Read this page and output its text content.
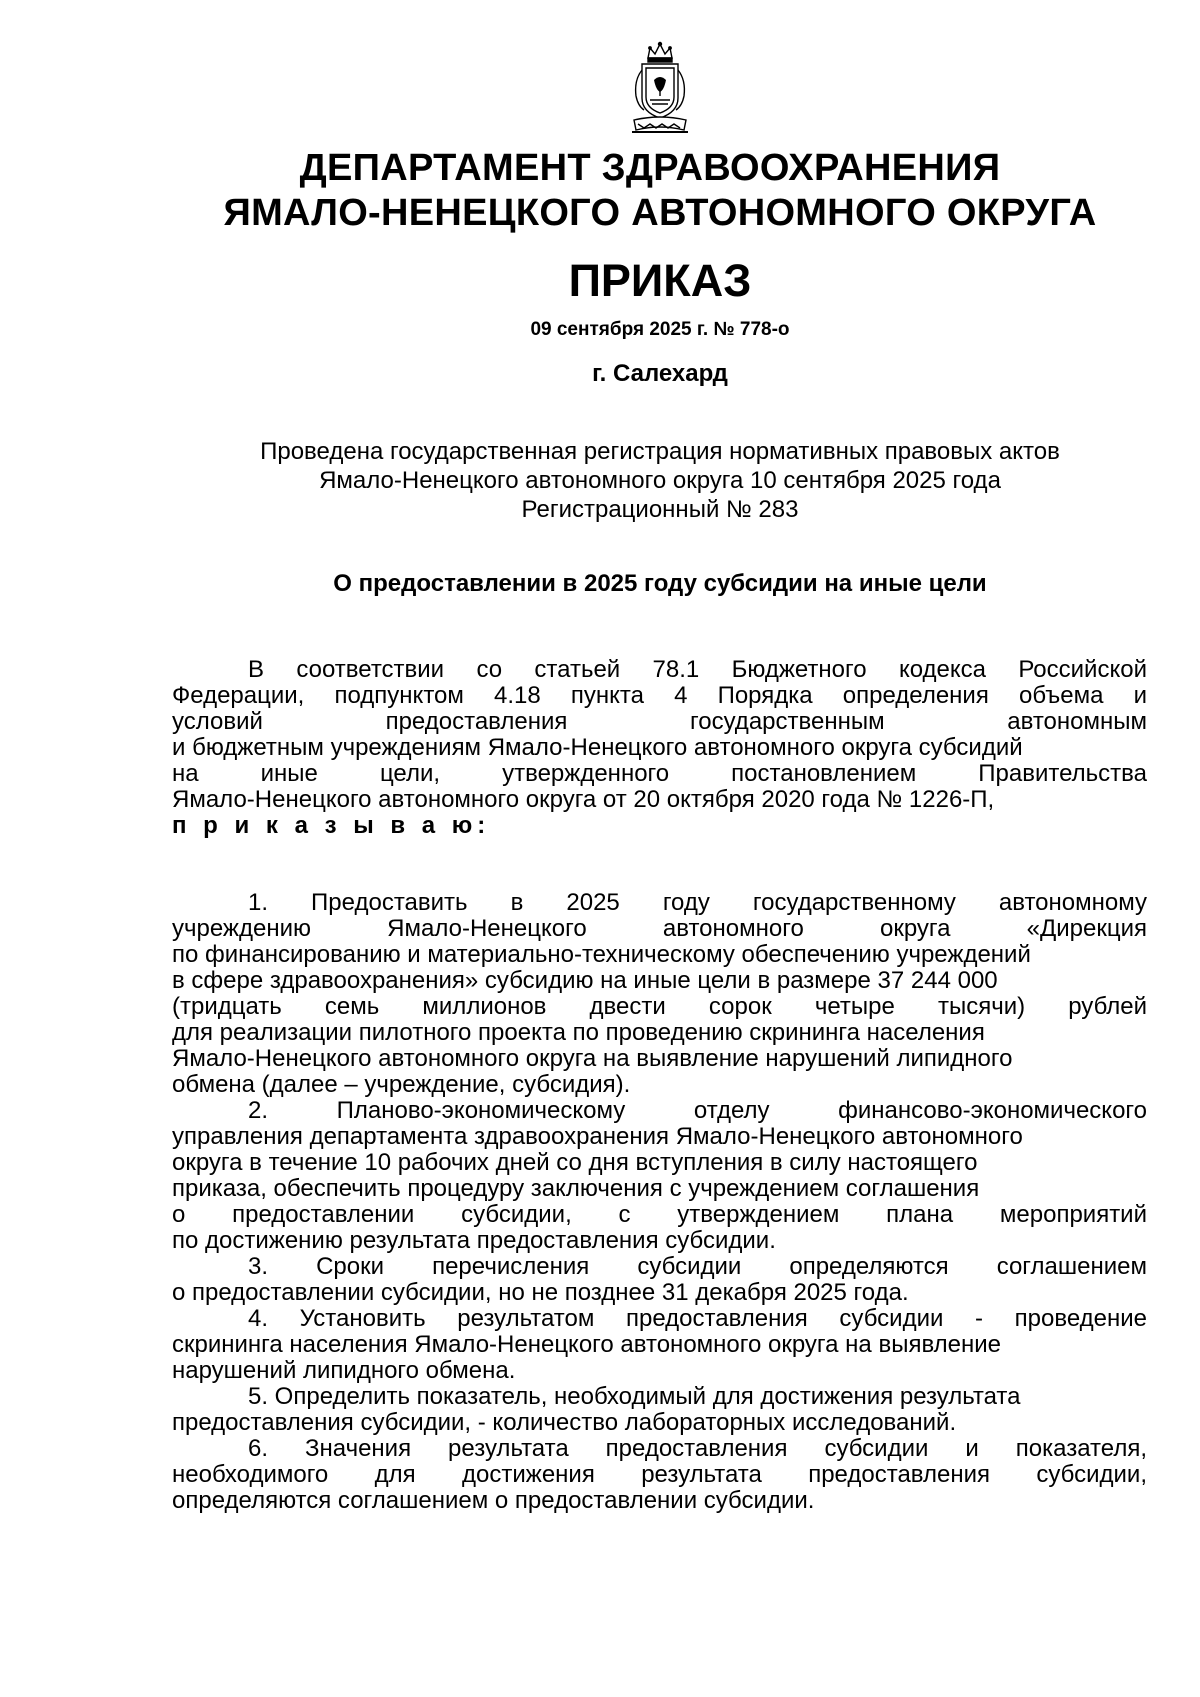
ДЕПАРТАМЕНТ ЗДРАВООХРАНЕНИЯ
ЯМАЛО-НЕНЕЦКОГО АВТОНОМНОГО ОКРУГА
ПРИКАЗ
09 сентября 2025 г. № 778-о
г. Салехард
Проведена государственная регистрация нормативных правовых актов
Ямало-Ненецкого автономного округа 10 сентября 2025 года
Регистрационный № 283
О предоставлении в 2025 году субсидии на иные цели
В соответствии со статьей 78.1 Бюджетного кодекса Российской
Федерации, подпунктом 4.18 пункта 4 Порядка определения объема и
условий предоставления государственным автономным
и бюджетным учреждениям Ямало-Ненецкого автономного округа субсидий
на иные цели, утвержденного постановлением Правительства
Ямало-Ненецкого автономного округа от 20 октября 2020 года № 1226-П,
п р и к а з ы в а ю:
1. Предоставить в 2025 году государственному автономному
учреждению Ямало-Ненецкого автономного округа «Дирекция
по финансированию и материально-техническому обеспечению учреждений
в сфере здравоохранения» субсидию на иные цели в размере 37 244 000
(тридцать семь миллионов двести сорок четыре тысячи) рублей
для реализации пилотного проекта по проведению скрининга населения
Ямало-Ненецкого автономного округа на выявление нарушений липидного
обмена (далее – учреждение, субсидия).
2. Планово-экономическому отделу финансово-экономического
управления департамента здравоохранения Ямало-Ненецкого автономного
округа в течение 10 рабочих дней со дня вступления в силу настоящего
приказа, обеспечить процедуру заключения с учреждением соглашения
о предоставлении субсидии, с утверждением плана мероприятий
по достижению результата предоставления субсидии.
3. Сроки перечисления субсидии определяются соглашением
о предоставлении субсидии, но не позднее 31 декабря 2025 года.
4. Установить результатом предоставления субсидии - проведение
скрининга населения Ямало-Ненецкого автономного округа на выявление
нарушений липидного обмена.
5. Определить показатель, необходимый для достижения результата
предоставления субсидии, - количество лабораторных исследований.
6. Значения результата предоставления субсидии и показателя,
необходимого для достижения результата предоставления субсидии,
определяются соглашением о предоставлении субсидии.
